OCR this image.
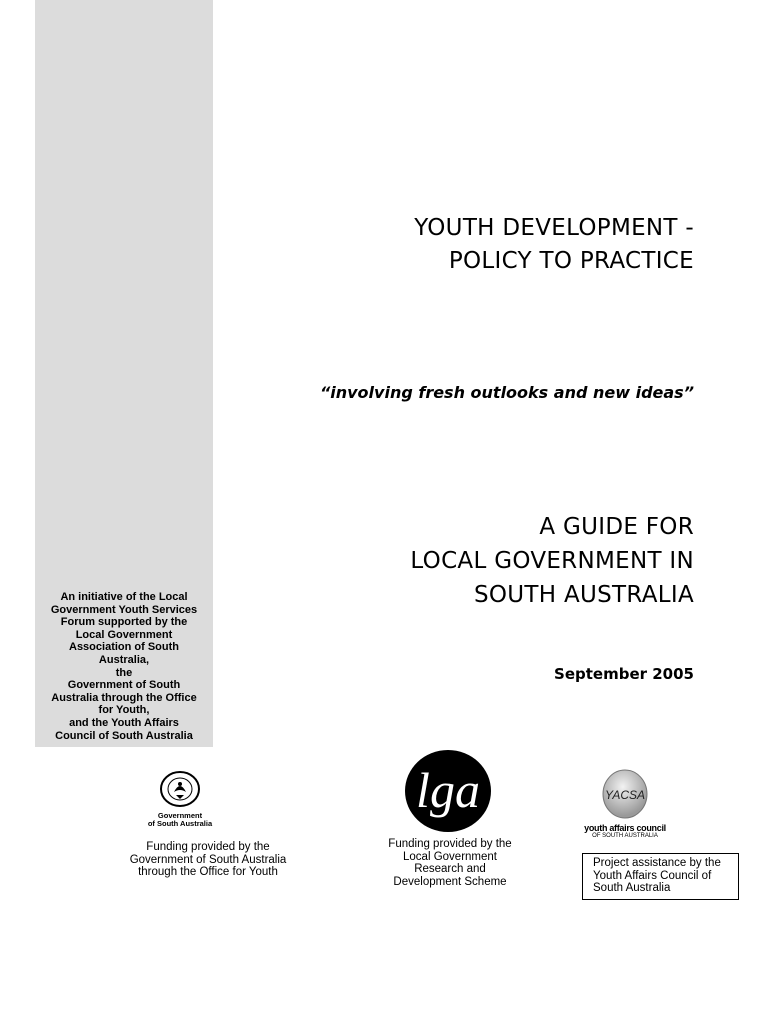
An initiative of the Local
Government Youth Services
Forum supported by the
Local Government
Association of South
Australia,
the
Government of South
Australia through the Office
for Youth,
and the Youth Affairs
Council of South Australia
YOUTH DEVELOPMENT -
POLICY TO PRACTICE
“involving fresh outlooks and new ideas”
A GUIDE FOR
LOCAL GOVERNMENT IN
SOUTH AUSTRALIA
September 2005
Government
of South Australia
lga	YACSA
youth affairs council
OF SOUTH AUSTRALIA
Funding provided by the
Government of South Australia
through the Office for Youth
Funding provided by the
Local Government
Research and
Development Scheme
Project assistance by the
Youth Affairs Council of
South Australia
